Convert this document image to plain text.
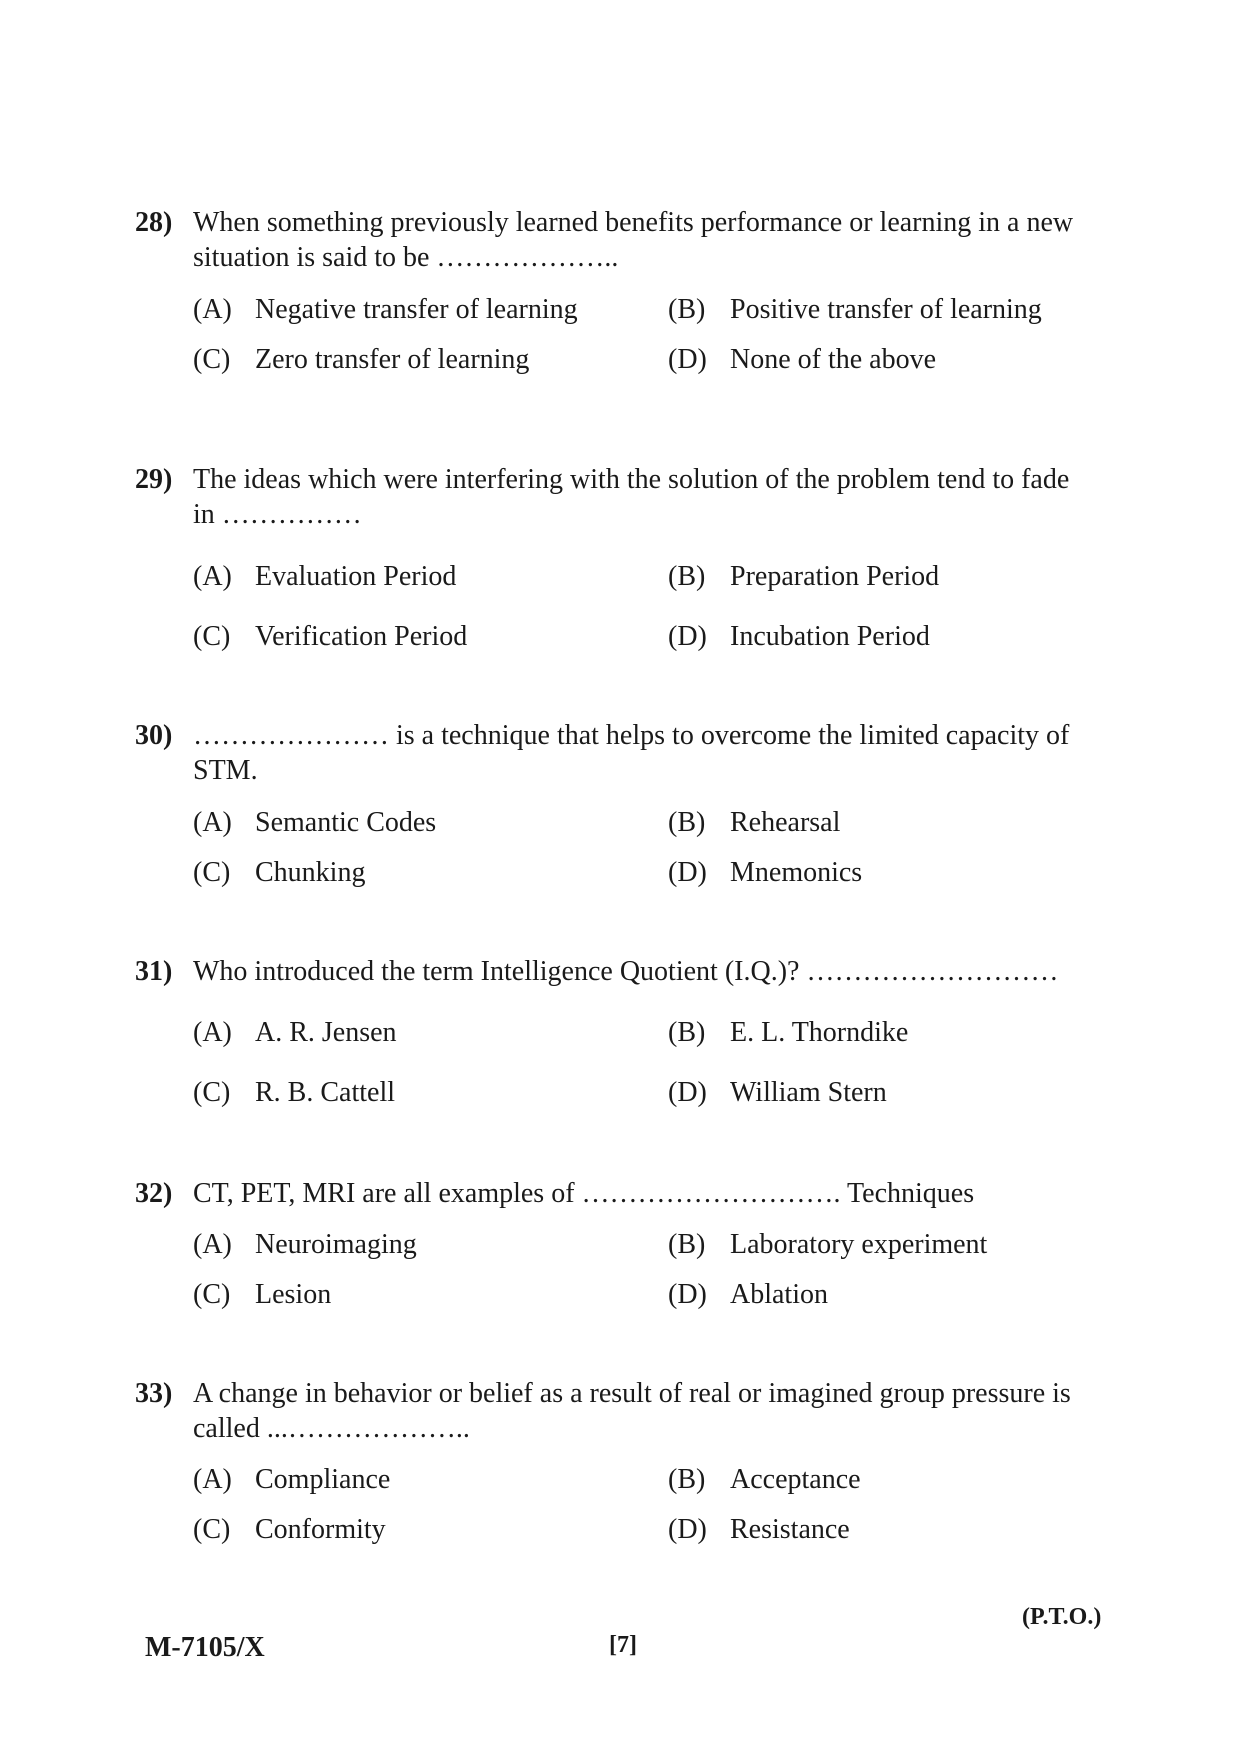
28) When something previously learned benefits performance or learning in a new situation is said to be ………………..
(A) Negative transfer of learning	(B) Positive transfer of learning
(C) Zero transfer of learning	(D) None of the above
29) The ideas which were interfering with the solution of the problem tend to fade in ……………
(A) Evaluation Period	(B) Preparation Period
(C) Verification Period	(D) Incubation Period
30) ………………… is a technique that helps to overcome the limited capacity of STM.
(A) Semantic Codes	(B) Rehearsal
(C) Chunking	(D) Mnemonics
31) Who introduced the term Intelligence Quotient (I.Q.)? ………………………
(A) A. R. Jensen	(B) E. L. Thorndike
(C) R. B. Cattell	(D) William Stern
32) CT, PET, MRI are all examples of ………………………. Techniques
(A) Neuroimaging	(B) Laboratory experiment
(C) Lesion	(D) Ablation
33) A change in behavior or belief as a result of real or imagined group pressure is called ...………………..
(A) Compliance	(B) Acceptance
(C) Conformity	(D) Resistance
M-7105/X	[7]
(P.T.O.)
